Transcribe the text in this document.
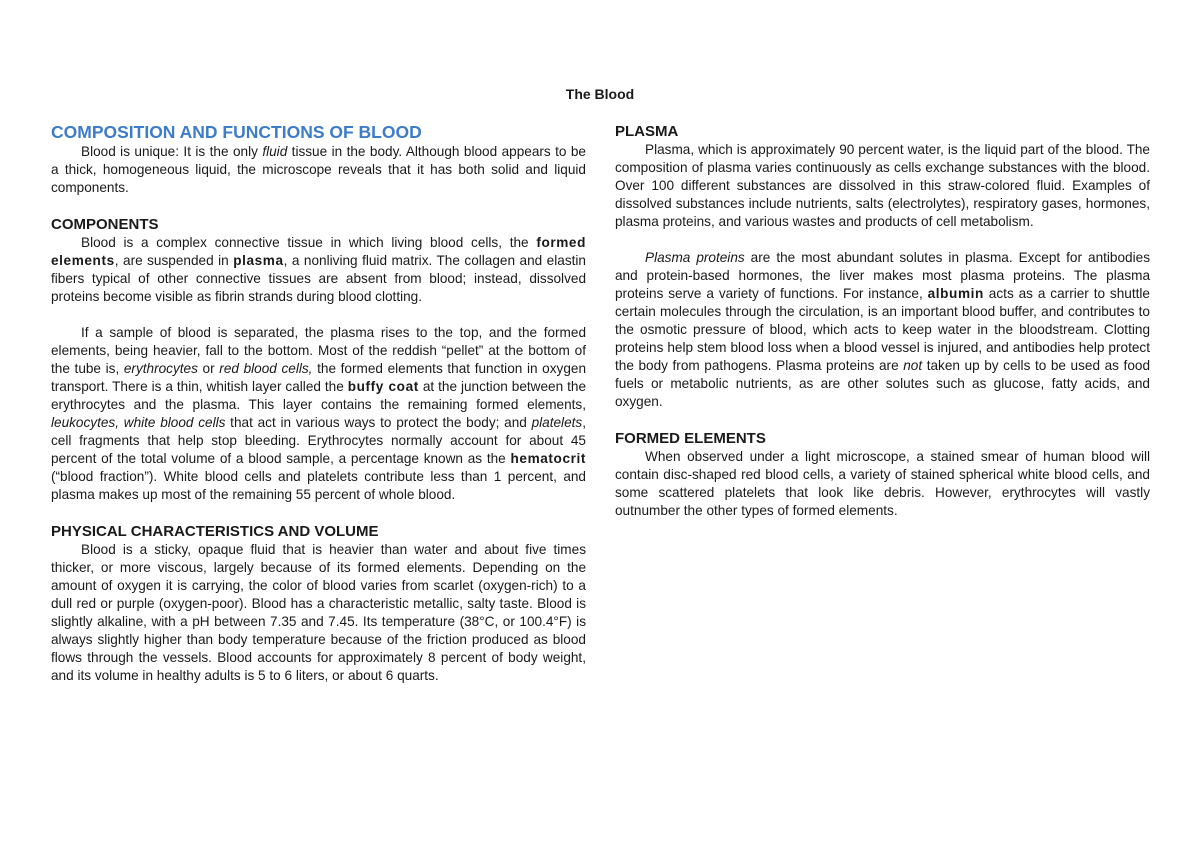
The Blood
COMPOSITION AND FUNCTIONS OF BLOOD

Blood is unique: It is the only fluid tissue in the body. Although blood appears to be a thick, homogeneous liquid, the microscope reveals that it has both solid and liquid components.

COMPONENTS

Blood is a complex connective tissue in which living blood cells, the formed elements, are suspended in plasma, a nonliving fluid matrix. The collagen and elastin fibers typical of other connective tissues are absent from blood; instead, dissolved proteins become visible as fibrin strands during blood clotting.

If a sample of blood is separated, the plasma rises to the top, and the formed elements, being heavier, fall to the bottom. Most of the reddish “pellet” at the bottom of the tube is, erythrocytes or red blood cells, the formed elements that function in oxygen transport. There is a thin, whitish layer called the buffy coat at the junction between the erythrocytes and the plasma. This layer contains the remaining formed elements, leukocytes, white blood cells that act in various ways to protect the body; and platelets, cell fragments that help stop bleeding. Erythrocytes normally account for about 45 percent of the total volume of a blood sample, a percentage known as the hematocrit (“blood fraction”). White blood cells and platelets contribute less than 1 percent, and plasma makes up most of the remaining 55 percent of whole blood.

PHYSICAL CHARACTERISTICS AND VOLUME

Blood is a sticky, opaque fluid that is heavier than water and about five times thicker, or more viscous, largely because of its formed elements. Depending on the amount of oxygen it is carrying, the color of blood varies from scarlet (oxygen-rich) to a dull red or purple (oxygen-poor). Blood has a characteristic metallic, salty taste. Blood is slightly alkaline, with a pH between 7.35 and 7.45. Its temperature (38°C, or 100.4°F) is always slightly higher than body temperature because of the friction produced as blood flows through the vessels. Blood accounts for approximately 8 percent of body weight, and its volume in healthy adults is 5 to 6 liters, or about 6 quarts.

PLASMA

Plasma, which is approximately 90 percent water, is the liquid part of the blood. The composition of plasma varies continuously as cells exchange substances with the blood. Over 100 different substances are dissolved in this straw-colored fluid. Examples of dissolved substances include nutrients, salts (electrolytes), respiratory gases, hormones, plasma proteins, and various wastes and products of cell metabolism.

Plasma proteins are the most abundant solutes in plasma. Except for antibodies and protein-based hormones, the liver makes most plasma proteins. The plasma proteins serve a variety of functions. For instance, albumin acts as a carrier to shuttle certain molecules through the circulation, is an important blood buffer, and contributes to the osmotic pressure of blood, which acts to keep water in the bloodstream. Clotting proteins help stem blood loss when a blood vessel is injured, and antibodies help protect the body from pathogens. Plasma proteins are not taken up by cells to be used as food fuels or metabolic nutrients, as are other solutes such as glucose, fatty acids, and oxygen.

FORMED ELEMENTS

When observed under a light microscope, a stained smear of human blood will contain disc-shaped red blood cells, a variety of stained spherical white blood cells, and some scattered platelets that look like debris. However, erythrocytes will vastly outnumber the other types of formed elements.
